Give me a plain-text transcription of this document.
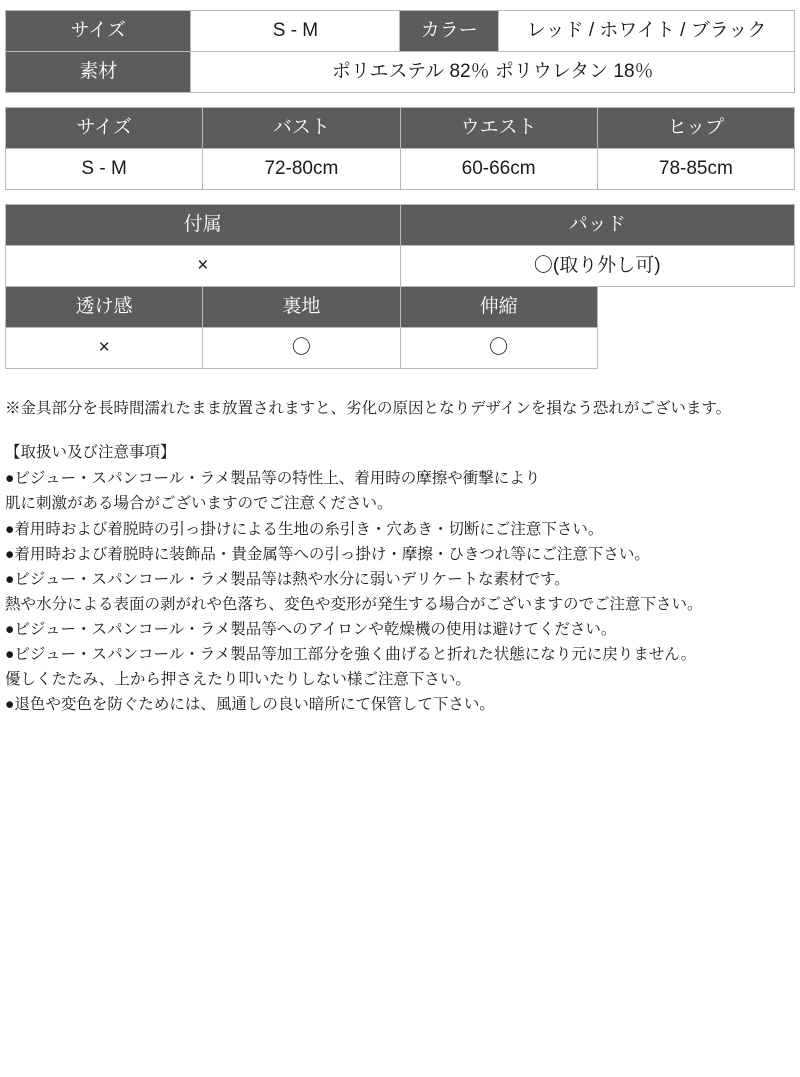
サイズ	S - M	カラー	レッド / ホワイト / ブラック
素材	ポリエステル 82％ ポリウレタン 18％		
サイズ	バスト	ウエスト	ヒップ
S - M	72-80cm	60-66cm	78-85cm
付属		パッド
×		〇(取り外し可)
透け感	裏地	伸縮
×	〇	〇
※金具部分を長時間濡れたまま放置されますと、劣化の原因となりデザインを損なう恐れがございます。
【取扱い及び注意事項】
●ビジュー・スパンコール・ラメ製品等の特性上、着用時の摩擦や衝撃により
肌に刺激がある場合がございますのでご注意ください。
●着用時および着脱時の引っ掛けによる生地の糸引き・穴あき・切断にご注意下さい。
●着用時および着脱時に装飾品・貴金属等への引っ掛け・摩擦・ひきつれ等にご注意下さい。
●ビジュー・スパンコール・ラメ製品等は熱や水分に弱いデリケートな素材です。
熱や水分による表面の剥がれや色落ち、変色や変形が発生する場合がございますのでご注意下さい。
●ビジュー・スパンコール・ラメ製品等へのアイロンや乾燥機の使用は避けてください。
●ビジュー・スパンコール・ラメ製品等加工部分を強く曲げると折れた状態になり元に戻りません。
優しくたたみ、上から押さえたり叩いたりしない様ご注意下さい。
●退色や変色を防ぐためには、風通しの良い暗所にて保管して下さい。
